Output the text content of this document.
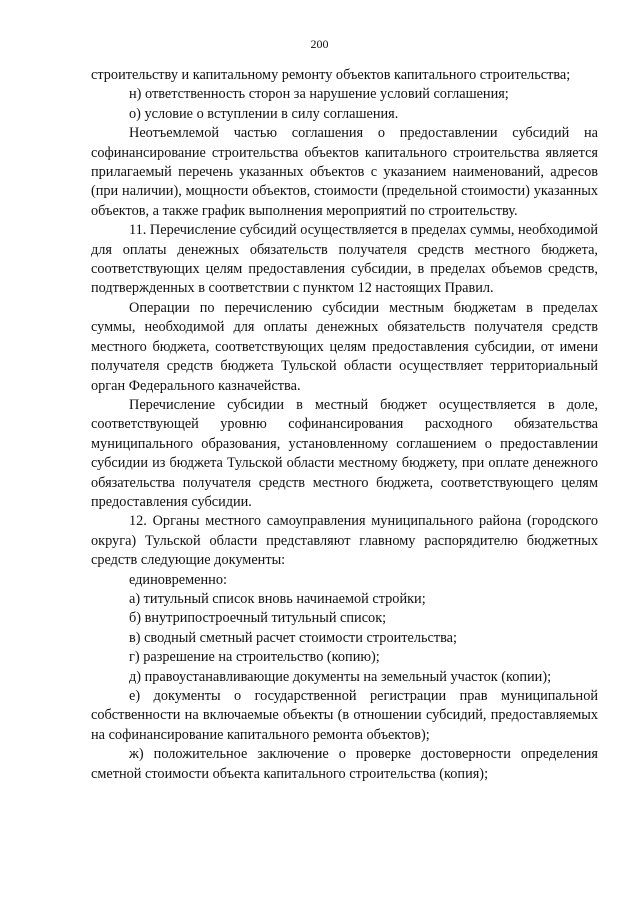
200

строительству и капитальному ремонту объектов капитального строительства;

н) ответственность сторон за нарушение условий соглашения;

о) условие о вступлении в силу соглашения.

Неотъемлемой частью соглашения о предоставлении субсидий на софинансирование строительства объектов капитального строительства является прилагаемый перечень указанных объектов с указанием наименований, адресов (при наличии), мощности объектов, стоимости (предельной стоимости) указанных объектов, а также график выполнения мероприятий по строительству.

11. Перечисление субсидий осуществляется в пределах суммы, необходимой для оплаты денежных обязательств получателя средств местного бюджета, соответствующих целям предоставления субсидии, в пределах объемов средств, подтвержденных в соответствии с пунктом 12 настоящих Правил.

Операции по перечислению субсидии местным бюджетам в пределах суммы, необходимой для оплаты денежных обязательств получателя средств местного бюджета, соответствующих целям предоставления субсидии, от имени получателя средств бюджета Тульской области осуществляет территориальный орган Федерального казначейства.

Перечисление субсидии в местный бюджет осуществляется в доле, соответствующей уровню софинансирования расходного обязательства муниципального образования, установленному соглашением о предоставлении субсидии из бюджета Тульской области местному бюджету, при оплате денежного обязательства получателя средств местного бюджета, соответствующего целям предоставления субсидии.

12. Органы местного самоуправления муниципального района (городского округа) Тульской области представляют главному распорядителю бюджетных средств следующие документы:

единовременно:

а) титульный список вновь начинаемой стройки;

б) внутрипостроечный титульный список;

в) сводный сметный расчет стоимости строительства;

г) разрешение на строительство (копию);

д) правоустанавливающие документы на земельный участок (копии);

е) документы о государственной регистрации прав муниципальной собственности на включаемые объекты (в отношении субсидий, предоставляемых на софинансирование капитального ремонта объектов);

ж) положительное заключение о проверке достоверности определения сметной стоимости объекта капитального строительства (копия);
